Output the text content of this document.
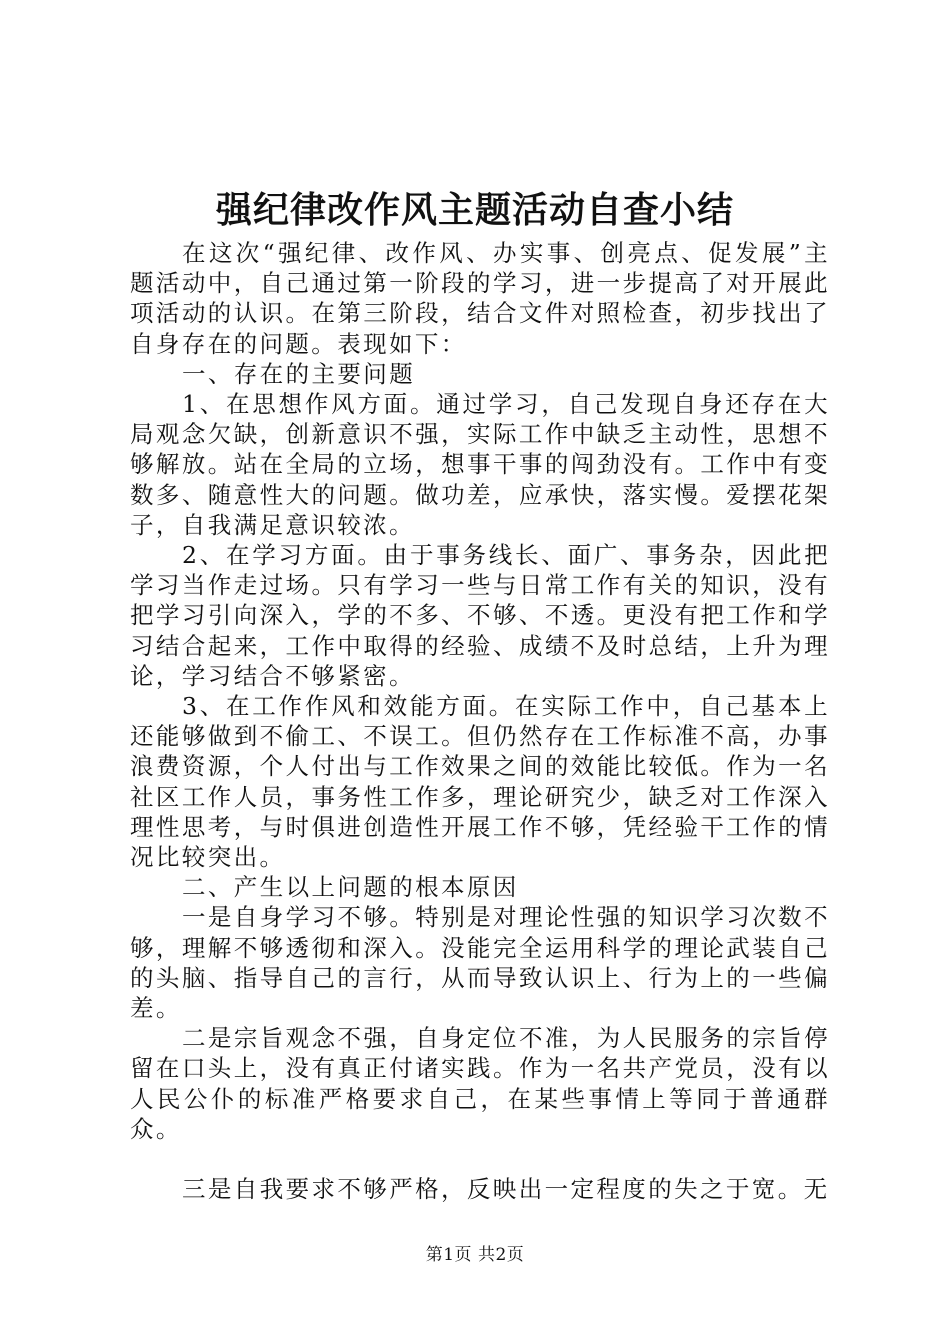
强纪律改作风主题活动自查小结

在这次“强纪律、改作风、办实事、创亮点、促发展”主题活动中，自己通过第一阶段的学习，进一步提高了对开展此项活动的认识。在第三阶段，结合文件对照检查，初步找出了自身存在的问题。表现如下：

一、存在的主要问题

1、在思想作风方面。通过学习，自己发现自身还存在大局观念欠缺，创新意识不强，实际工作中缺乏主动性，思想不够解放。站在全局的立场，想事干事的闯劲没有。工作中有变数多、随意性大的问题。做功差，应承快，落实慢。爱摆花架子，自我满足意识较浓。

2、在学习方面。由于事务线长、面广、事务杂，因此把学习当作走过场。只有学习一些与日常工作有关的知识，没有把学习引向深入，学的不多、不够、不透。更没有把工作和学习结合起来，工作中取得的经验、成绩不及时总结，上升为理论，学习结合不够紧密。

3、在工作作风和效能方面。在实际工作中，自己基本上还能够做到不偷工、不误工。但仍然存在工作标准不高，办事浪费资源，个人付出与工作效果之间的效能比较低。作为一名社区工作人员，事务性工作多，理论研究少，缺乏对工作深入理性思考，与时俱进创造性开展工作不够，凭经验干工作的情况比较突出。

二、产生以上问题的根本原因

一是自身学习不够。特别是对理论性强的知识学习次数不够，理解不够透彻和深入。没能完全运用科学的理论武装自己的头脑、指导自己的言行，从而导致认识上、行为上的一些偏差。

二是宗旨观念不强，自身定位不准，为人民服务的宗旨停留在口头上，没有真正付诸实践。作为一名共产党员，没有以人民公仆的标准严格要求自己，在某些事情上等同于普通群众。

三是自我要求不够严格，反映出一定程度的失之于宽。无

第1页 共2页
